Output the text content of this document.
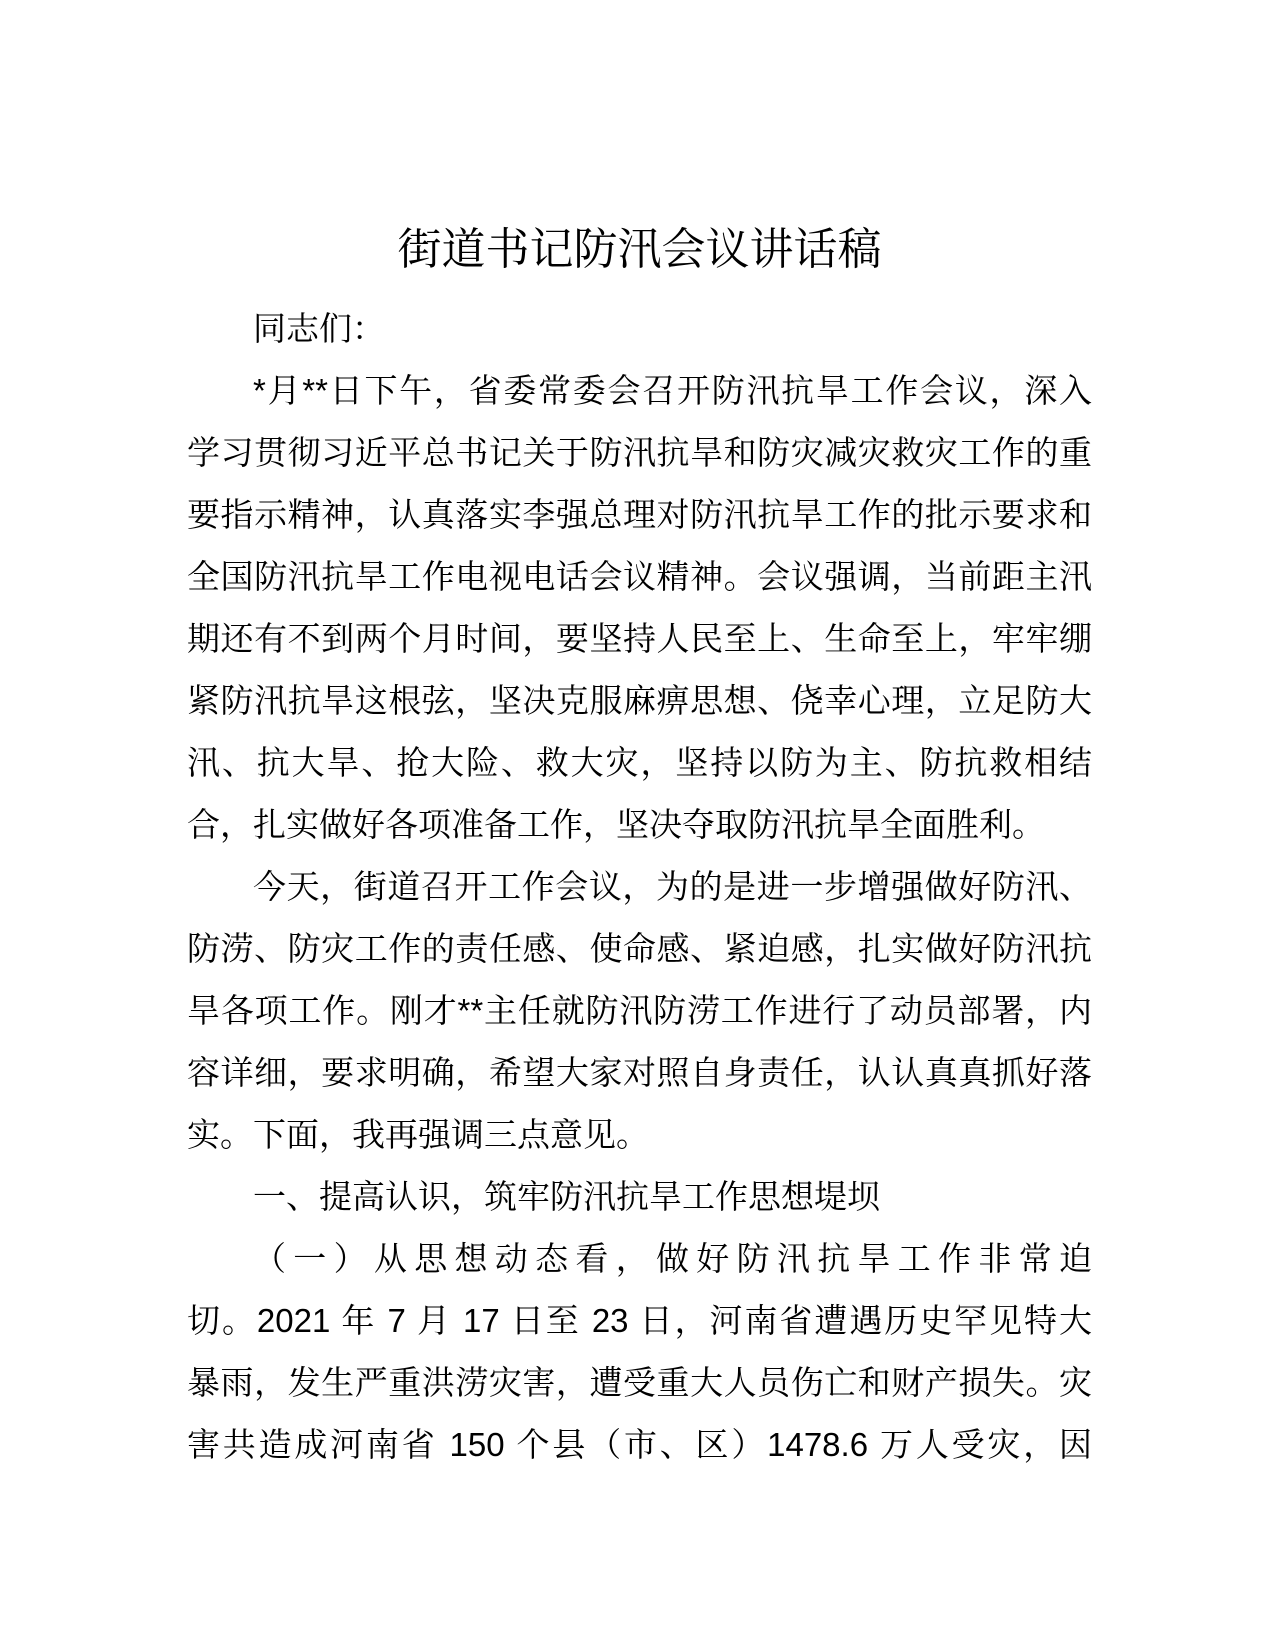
街道书记防汛会议讲话稿
同志们：
*月**日下午，省委常委会召开防汛抗旱工作会议，深入
学习贯彻习近平总书记关于防汛抗旱和防灾减灾救灾工作的重
要指示精神，认真落实李强总理对防汛抗旱工作的批示要求和
全国防汛抗旱工作电视电话会议精神。会议强调，当前距主汛
期还有不到两个月时间，要坚持人民至上、生命至上，牢牢绷
紧防汛抗旱这根弦，坚决克服麻痹思想、侥幸心理，立足防大
汛、抗大旱、抢大险、救大灾，坚持以防为主、防抗救相结
合，扎实做好各项准备工作，坚决夺取防汛抗旱全面胜利。
今天，街道召开工作会议，为的是进一步增强做好防汛、
防涝、防灾工作的责任感、使命感、紧迫感，扎实做好防汛抗
旱各项工作。刚才**主任就防汛防涝工作进行了动员部署，内
容详细，要求明确，希望大家对照自身责任，认认真真抓好落
实。下面，我再强调三点意见。
一、提高认识，筑牢防汛抗旱工作思想堤坝
（一）从思想动态看，做好防汛抗旱工作非常迫
切。2021 年 7 月 17 日至 23 日，河南省遭遇历史罕见特大
暴雨，发生严重洪涝灾害，遭受重大人员伤亡和财产损失。灾
害共造成河南省 150 个县（市、区）1478.6 万人受灾，因
